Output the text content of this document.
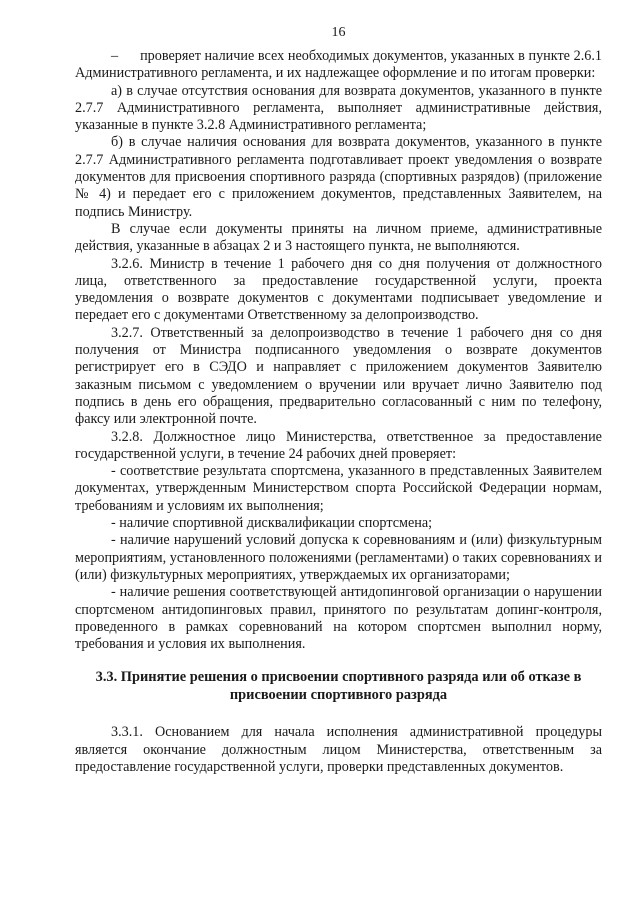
16

–      проверяет наличие всех необходимых документов, указанных в пункте 2.6.1 Административного регламента, и их надлежащее оформление и по итогам проверки:

а) в случае отсутствия основания для возврата документов, указанного в пункте 2.7.7 Административного регламента, выполняет административные действия, указанные в пункте 3.2.8 Административного регламента;

б) в случае наличия основания для возврата документов, указанного в пункте 2.7.7 Административного регламента подготавливает проект уведомления о возврате документов для присвоения спортивного разряда (спортивных разрядов) (приложение № 4) и передает его с приложением документов, представленных Заявителем, на подпись Министру.

В случае если документы приняты на личном приеме, административные действия, указанные в абзацах 2 и 3 настоящего пункта, не выполняются.

3.2.6. Министр в течение 1 рабочего дня со дня получения от должностного лица, ответственного за предоставление государственной услуги, проекта уведомления о возврате документов с документами подписывает уведомление и передает его с документами Ответственному за делопроизводство.

3.2.7. Ответственный за делопроизводство в течение 1 рабочего дня со дня получения от Министра подписанного уведомления о возврате документов регистрирует его в СЭДО и направляет с приложением документов Заявителю заказным письмом с уведомлением о вручении или вручает лично Заявителю под подпись в день его обращения, предварительно согласованный с ним по телефону, факсу или электронной почте.

3.2.8. Должностное лицо Министерства, ответственное за предоставление государственной услуги, в течение 24 рабочих дней проверяет:

- соответствие результата спортсмена, указанного в представленных Заявителем документах, утвержденным Министерством спорта Российской Федерации нормам, требованиям и условиям их выполнения;

- наличие спортивной дисквалификации спортсмена;

- наличие нарушений условий допуска к соревнованиям и (или) физкультурным мероприятиям, установленного положениями (регламентами) о таких соревнованиях и (или) физкультурных мероприятиях, утверждаемых их организаторами;

- наличие решения соответствующей антидопинговой организации о нарушении спортсменом антидопинговых правил, принятого по результатам допинг-контроля, проведенного в рамках соревнований на котором спортсмен выполнил норму, требования и условия их выполнения.

3.3. Принятие решения о присвоении спортивного разряда или об отказе в присвоении спортивного разряда

3.3.1. Основанием для начала исполнения административной процедуры является окончание должностным лицом Министерства, ответственным за предоставление государственной услуги, проверки представленных документов.
